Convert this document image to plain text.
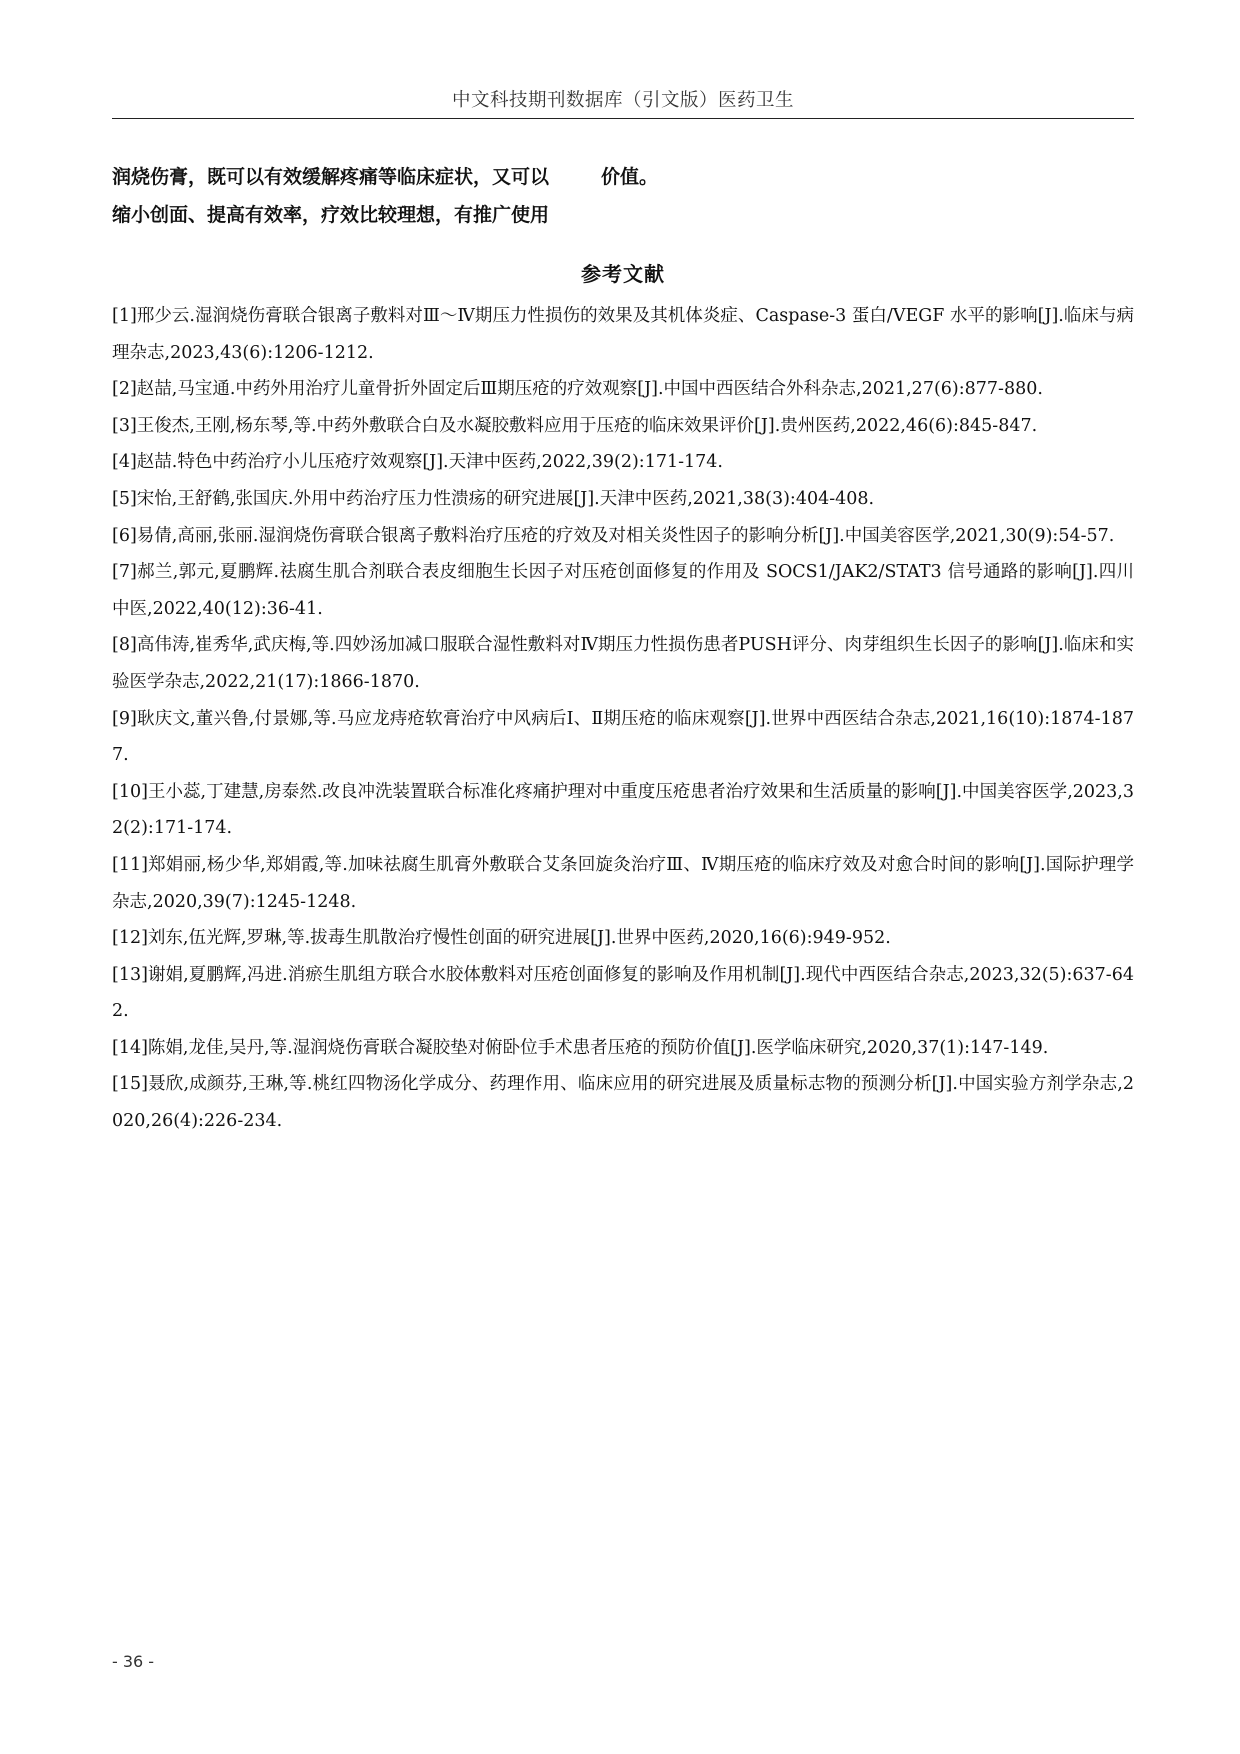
中文科技期刊数据库（引文版）医药卫生
润烧伤膏，既可以有效缓解疼痛等临床症状，又可以	价值。
缩小创面、提高有效率，疗效比较理想，有推广使用
参考文献
[1]邢少云.湿润烧伤膏联合银离子敷料对Ⅲ～Ⅳ期压力性损伤的效果及其机体炎症、Caspase-3 蛋白/VEGF 水平的影响[J].临床与病理杂志,2023,43(6):1206-1212.
[2]赵喆,马宝通.中药外用治疗儿童骨折外固定后Ⅲ期压疮的疗效观察[J].中国中西医结合外科杂志,2021,27(6):877-880.
[3]王俊杰,王刚,杨东琴,等.中药外敷联合白及水凝胶敷料应用于压疮的临床效果评价[J].贵州医药,2022,46(6):845-847.
[4]赵喆.特色中药治疗小儿压疮疗效观察[J].天津中医药,2022,39(2):171-174.
[5]宋怡,王舒鹤,张国庆.外用中药治疗压力性溃疡的研究进展[J].天津中医药,2021,38(3):404-408.
[6]易倩,高丽,张丽.湿润烧伤膏联合银离子敷料治疗压疮的疗效及对相关炎性因子的影响分析[J].中国美容医学,2021,30(9):54-57.
[7]郝兰,郭元,夏鹏辉.祛腐生肌合剂联合表皮细胞生长因子对压疮创面修复的作用及 SOCS1/JAK2/STAT3 信号通路的影响[J].四川中医,2022,40(12):36-41.
[8]高伟涛,崔秀华,武庆梅,等.四妙汤加减口服联合湿性敷料对Ⅳ期压力性损伤患者PUSH评分、肉芽组织生长因子的影响[J].临床和实验医学杂志,2022,21(17):1866-1870.
[9]耿庆文,董兴鲁,付景娜,等.马应龙痔疮软膏治疗中风病后Ⅰ、Ⅱ期压疮的临床观察[J].世界中西医结合杂志,2021,16(10):1874-1877.
[10]王小蕊,丁建慧,房泰然.改良冲洗装置联合标准化疼痛护理对中重度压疮患者治疗效果和生活质量的影响[J].中国美容医学,2023,32(2):171-174.
[11]郑娟丽,杨少华,郑娟霞,等.加味祛腐生肌膏外敷联合艾条回旋灸治疗Ⅲ、Ⅳ期压疮的临床疗效及对愈合时间的影响[J].国际护理学杂志,2020,39(7):1245-1248.
[12]刘东,伍光辉,罗琳,等.拔毒生肌散治疗慢性创面的研究进展[J].世界中医药,2020,16(6):949-952.
[13]谢娟,夏鹏辉,冯进.消瘀生肌组方联合水胶体敷料对压疮创面修复的影响及作用机制[J].现代中西医结合杂志,2023,32(5):637-642.
[14]陈娟,龙佳,吴丹,等.湿润烧伤膏联合凝胶垫对俯卧位手术患者压疮的预防价值[J].医学临床研究,2020,37(1):147-149.
[15]聂欣,成颜芬,王琳,等.桃红四物汤化学成分、药理作用、临床应用的研究进展及质量标志物的预测分析[J].中国实验方剂学杂志,2020,26(4):226-234.
- 36 -
